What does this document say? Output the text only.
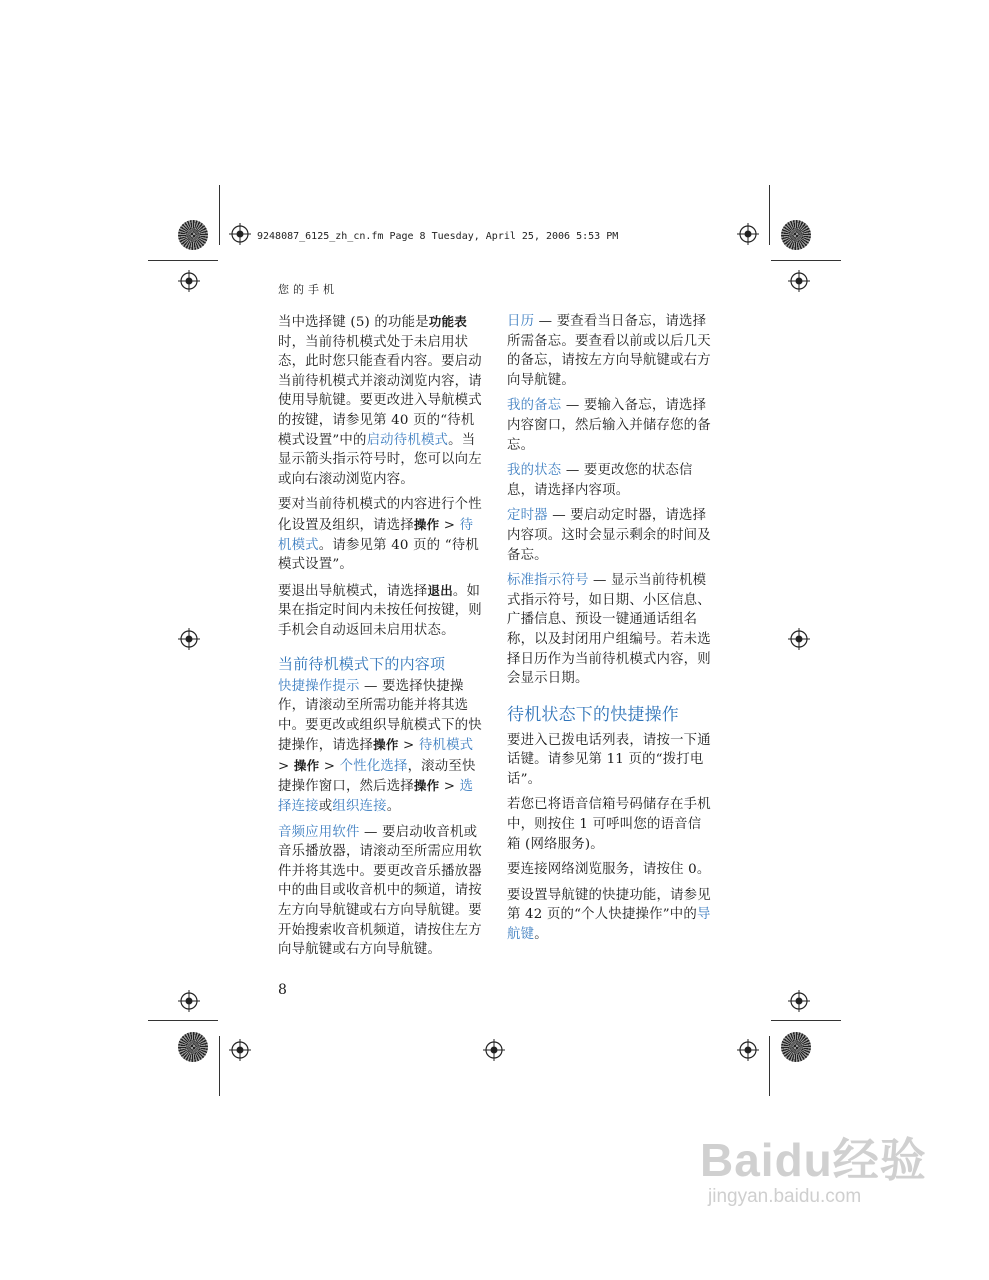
9248087_6125_zh_cn.fm Page 8 Tuesday, April 25, 2006 5:53 PM
您的手机

当中选择键 (5) 的功能是功能表时，当前待机模式处于未启用状态，此时您只能查看内容。要启动当前待机模式并滚动浏览内容，请使用导航键。要更改进入导航模式的按键，请参见第 40 页的“待机模式设置”中的启动待机模式。当显示箭头指示符号时，您可以向左或向右滚动浏览内容。

要对当前待机模式的内容进行个性化设置及组织，请选择操作 > 待机模式。请参见第 40 页的 “待机模式设置”。

要退出导航模式，请选择退出。如果在指定时间内未按任何按键，则手机会自动返回未启用状态。

当前待机模式下的内容项

快捷操作提示 — 要选择快捷操作，请滚动至所需功能并将其选中。要更改或组织导航模式下的快捷操作，请选择操作 > 待机模式 > 操作 > 个性化选择，滚动至快捷操作窗口，然后选择操作 > 选择连接或组织连接。

音频应用软件 — 要启动收音机或音乐播放器，请滚动至所需应用软件并将其选中。要更改音乐播放器中的曲目或收音机中的频道，请按左方向导航键或右方向导航键。要开始搜索收音机频道，请按住左方向导航键或右方向导航键。

日历 — 要查看当日备忘，请选择所需备忘。要查看以前或以后几天的备忘，请按左方向导航键或右方向导航键。

我的备忘 — 要输入备忘，请选择内容窗口，然后输入并储存您的备忘。

我的状态 — 要更改您的状态信息，请选择内容项。

定时器 — 要启动定时器，请选择内容项。这时会显示剩余的时间及备忘。

标准指示符号 — 显示当前待机模式指示符号，如日期、小区信息、广播信息、预设一键通通话组名称，以及封闭用户组编号。若未选择日历作为当前待机模式内容，则会显示日期。

待机状态下的快捷操作

要进入已拨电话列表，请按一下通话键。请参见第 11 页的“拨打电话”。

若您已将语音信箱号码储存在手机中，则按住 1 可呼叫您的语音信箱 (网络服务)。

要连接网络浏览服务，请按住 0。

要设置导航键的快捷功能，请参见第 42 页的“个人快捷操作”中的导航键。

8
Baidu经验
jingyan.baidu.com
